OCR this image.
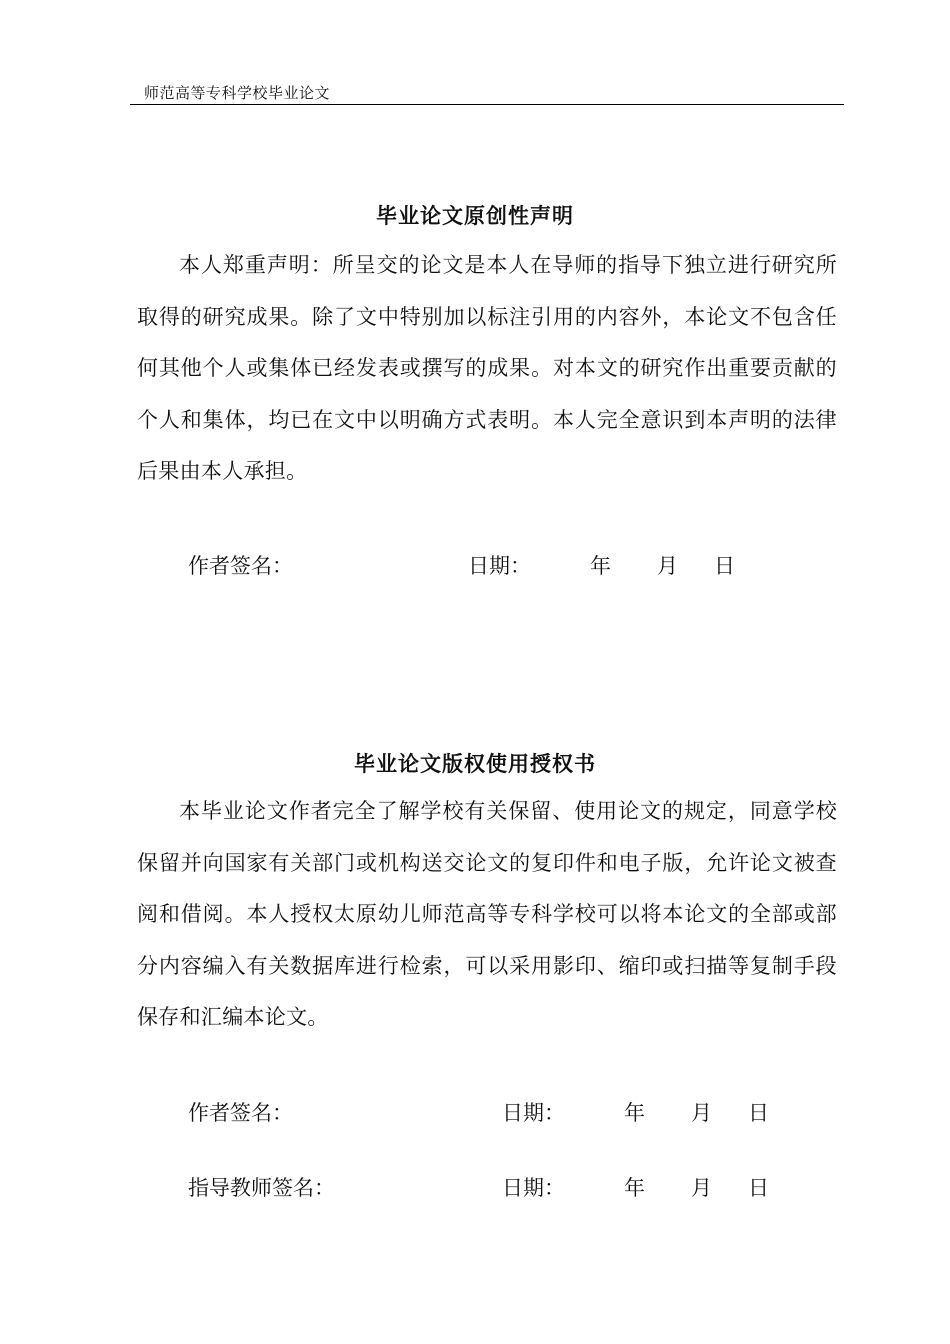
师范高等专科学校毕业论文
毕业论文原创性声明
本人郑重声明：所呈交的论文是本人在导师的指导下独立进行研究所取得的研究成果。除了文中特别加以标注引用的内容外，本论文不包含任何其他个人或集体已经发表或撰写的成果。对本文的研究作出重要贡献的个人和集体，均已在文中以明确方式表明。本人完全意识到本声明的法律后果由本人承担。
作者签名：	日期：	年 月 日
毕业论文版权使用授权书
本毕业论文作者完全了解学校有关保留、使用论文的规定，同意学校保留并向国家有关部门或机构送交论文的复印件和电子版，允许论文被查阅和借阅。本人授权太原幼儿师范高等专科学校可以将本论文的全部或部分内容编入有关数据库进行检索，可以采用影印、缩印或扫描等复制手段保存和汇编本论文。
作者签名：	日期：	年 月 日
指导教师签名：	日期：	年 月 日
